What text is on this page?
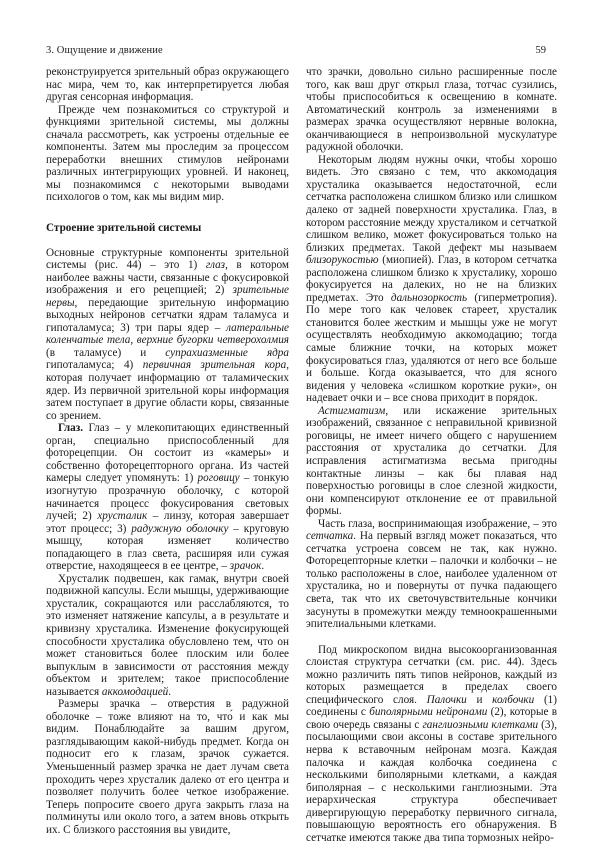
3. Ощущение и движение	59

реконструируется зрительный образ окружающего нас мира, чем то, как интерпретируется любая другая сенсорная информация.

Прежде чем познакомиться со структурой и функциями зрительной системы, мы должны сначала рассмотреть, как устроены отдельные ее компоненты. Затем мы проследим за процессом переработки внешних стимулов нейронами различных интегрирующих уровней. И наконец, мы познакомимся с некоторыми выводами психологов о том, как мы видим мир.

Строение зрительной системы

Основные структурные компоненты зрительной системы (рис. 44) – это 1) глаз, в котором наиболее важны части, связанные с фокусировкой изображения и его рецепцией; 2) зрительные нервы, передающие зрительную информацию выходных нейронов сетчатки ядрам таламуса и гипоталамуса; 3) три пары ядер – латеральные коленчатые тела, верхние бугорки четверохолмия (в таламусе) и супрахиазменные ядра гипоталамуса; 4) первичная зрительная кора, которая получает информацию от таламических ядер. Из первичной зрительной коры информация затем поступает в другие области коры, связанные со зрением.

Глаз. Глаз – у млекопитающих единственный орган, специально приспособленный для фоторецепции. Он состоит из «камеры» и собственно фоторецепторного органа. Из частей камеры следует упомянуть: 1) роговицу – тонкую изогнутую прозрачную оболочку, с которой начинается процесс фокусирования световых лучей; 2) хрусталик – линзу, которая завершает этот процесс; 3) радужную оболочку – круговую мышцу, которая изменяет количество попадающего в глаз света, расширяя или сужая отверстие, находящееся в ее центре, – зрачок.

Хрусталик подвешен, как гамак, внутри своей подвижной капсулы. Если мышцы, удерживающие хрусталик, сокращаются или расслабляются, то это изменяет натяжение капсулы, а в результате и кривизну хрусталика. Изменение фокусирующей способности хрусталика обусловлено тем, что он может становиться более плоским или более выпуклым в зависимости от расстояния между объектом и зрителем; такое приспособление называется аккомодацией.

Размеры зрачка – отверстия в радужной оболочке – тоже влияют на то, что́ и как мы видим. Понаблюдайте за вашим другом, разглядывающим какой-нибудь предмет. Когда он подносит его к глазам, зрачок сужается. Уменьшенный размер зрачка не дает лучам света проходить через хрусталик далеко от его центра и позволяет получить более четкое изображение. Теперь попросите своего друга закрыть глаза на полминуты или около того, а затем вновь открыть их. С близкого расстояния вы увидите,

что зрачки, довольно сильно расширенные после того, как ваш друг открыл глаза, тотчас сузились, чтобы приспособиться к освещению в комнате. Автоматический контроль за изменениями в размерах зрачка осуществляют нервные волокна, оканчивающиеся в непроизвольной мускулатуре радужной оболочки.

Некоторым людям нужны очки, чтобы хорошо видеть. Это связано с тем, что аккомодация хрусталика оказывается недостаточной, если сетчатка расположена слишком близко или слишком далеко от задней поверхности хрусталика. Глаз, в котором расстояние между хрусталиком и сетчаткой слишком велико, может фокусироваться только на близких предметах. Такой дефект мы называем близорукостью (миопией). Глаз, в котором сетчатка расположена слишком близко к хрусталику, хорошо фокусируется на далеких, но не на близких предметах. Это дальнозоркость (гиперметропия). По мере того как человек стареет, хрусталик становится более жестким и мышцы уже не могут осуществлять необходимую аккомодацию; тогда самые ближние точки, на которых может фокусироваться глаз, удаляются от него все больше и больше. Когда оказывается, что для ясного видения у человека «слишком короткие руки», он надевает очки и – все снова приходит в порядок.

Астигматизм, или искажение зрительных изображений, связанное с неправильной кривизной роговицы, не имеет ничего общего с нарушением расстояния от хрусталика до сетчатки. Для исправления астигматизма весьма пригодны контактные линзы – как бы плавая над поверхностью роговицы в слое слезной жидкости, они компенсируют отклонение ее от правильной формы.

Часть глаза, воспринимающая изображение, – это сетчатка. На первый взгляд может показаться, что сетчатка устроена совсем не так, как нужно. Фоторецепторные клетки – палочки и колбочки – не только расположены в слое, наиболее удаленном от хрусталика, но и повернуты от пучка падающего света, так что их светочувствительные кончики засунуты в промежутки между темноокрашенными эпителиальными клетками.

Под микроскопом видна высокоорганизованная слоистая структура сетчатки (см. рис. 44). Здесь можно различить пять типов нейронов, каждый из которых размещается в пределах своего специфического слоя. Палочки и колбочки (1) соединены с биполярными нейронами (2), которые в свою очередь связаны с ганглиозными клетками (3), посылающими свои аксоны в составе зрительного нерва к вставочным нейронам мозга. Каждая палочка и каждая колбочка соединена с несколькими биполярными клетками, а каждая биполярная – с несколькими ганглиозными. Эта иерархическая структура обеспечивает дивергирующую переработку первичного сигнала, повышающую вероятность его обнаружения. В сетчатке имеются также два типа тормозных нейро-
